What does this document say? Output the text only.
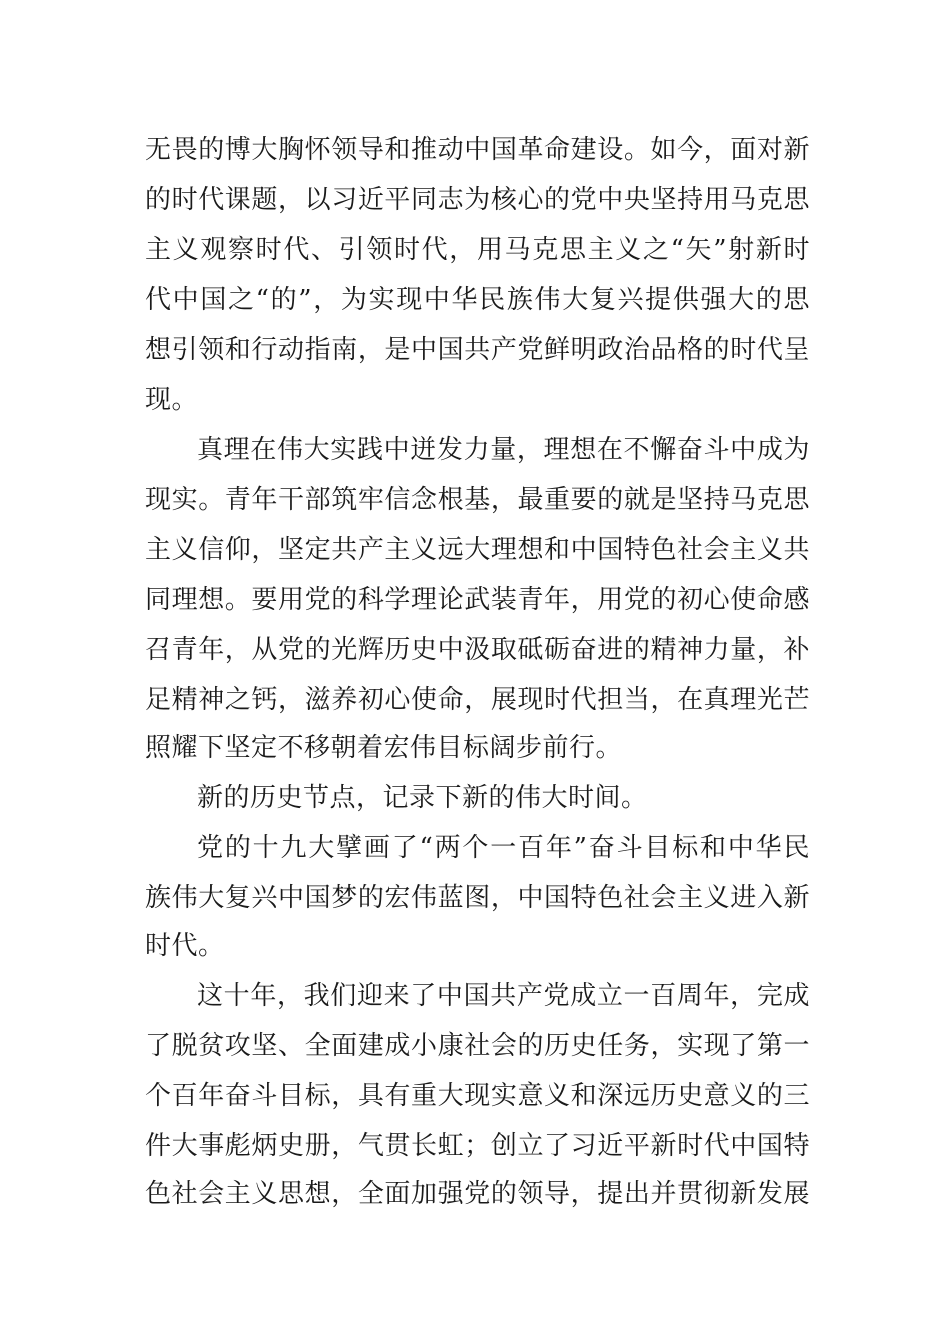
无畏的博大胸怀领导和推动中国革命建设。如今，面对新
的时代课题，以习近平同志为核心的党中央坚持用马克思
主义观察时代、引领时代，用马克思主义之“矢”射新时
代中国之“的”，为实现中华民族伟大复兴提供强大的思
想引领和行动指南，是中国共产党鲜明政治品格的时代呈
现。
真理在伟大实践中迸发力量，理想在不懈奋斗中成为
现实。青年干部筑牢信念根基，最重要的就是坚持马克思
主义信仰，坚定共产主义远大理想和中国特色社会主义共
同理想。要用党的科学理论武装青年，用党的初心使命感
召青年，从党的光辉历史中汲取砥砺奋进的精神力量，补
足精神之钙，滋养初心使命，展现时代担当，在真理光芒
照耀下坚定不移朝着宏伟目标阔步前行。
新的历史节点，记录下新的伟大时间。
党的十九大擘画了“两个一百年”奋斗目标和中华民
族伟大复兴中国梦的宏伟蓝图，中国特色社会主义进入新
时代。
这十年，我们迎来了中国共产党成立一百周年，完成
了脱贫攻坚、全面建成小康社会的历史任务，实现了第一
个百年奋斗目标，具有重大现实意义和深远历史意义的三
件大事彪炳史册，气贯长虹；创立了习近平新时代中国特
色社会主义思想，全面加强党的领导，提出并贯彻新发展
